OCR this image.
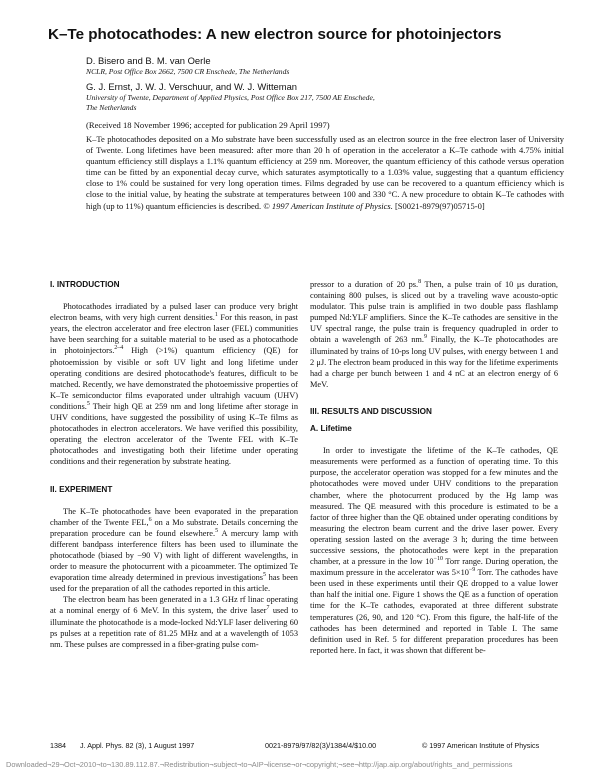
K–Te photocathodes: A new electron source for photoinjectors
D. Bisero and B. M. van Oerle
NCLR, Post Office Box 2662, 7500 CR Enschede, The Netherlands
G. J. Ernst, J. W. J. Verschuur, and W. J. Witteman
University of Twente, Department of Applied Physics, Post Office Box 217, 7500 AE Enschede,
The Netherlands
(Received 18 November 1996; accepted for publication 29 April 1997)
K–Te photocathodes deposited on a Mo substrate have been successfully used as an electron source in the free electron laser of University of Twente. Long lifetimes have been measured: after more than 20 h of operation in the accelerator a K–Te cathode with 4.75% initial quantum efficiency still displays a 1.1% quantum efficiency at 259 nm. Moreover, the quantum efficiency of this cathode versus operation time can be fitted by an exponential decay curve, which saturates asymptotically to a 1.03% value, suggesting that a quantum efficiency close to 1% could be sustained for very long operation times. Films degraded by use can be recovered to a quantum efficiency which is close to the initial value, by heating the substrate at temperatures between 100 and 330 °C. A new procedure to obtain K–Te cathodes with high (up to 11%) quantum efficiencies is described. © 1997 American Institute of Physics. [S0021-8979(97)05715-0]
I. INTRODUCTION

Photocathodes irradiated by a pulsed laser can produce very bright electron beams, with very high current densities.$^1$ For this reason, in past years, the electron accelerator and free electron laser (FEL) communities have been searching for a suitable material to be used as a photocathode in photoinjectors.$^{2-4}$ High (>1%) quantum efficiency (QE) for photoemission by visible or soft UV light and long lifetime under operating conditions are desired photocathode's features, difficult to be matched. Recently, we have demonstrated the photoemissive properties of K–Te semiconductor films evaporated under ultrahigh vacuum (UHV) conditions.$^5$ Their high QE at 259 nm and long lifetime after storage in UHV conditions, have suggested the possibility of using K–Te films as photocathodes in electron accelerators. We have verified this possibility, operating the electron accelerator of the Twente FEL with K–Te photocathodes and investigating both their lifetime under operating conditions and their regeneration by substrate heating.

II. EXPERIMENT

The K–Te photocathodes have been evaporated in the preparation chamber of the Twente FEL,$^6$ on a Mo substrate. Details concerning the preparation procedure can be found elsewhere.$^5$ A mercury lamp with different bandpass interference filters has been used to illuminate the photocathode (biased by −90 V) with light of different wavelengths, in order to measure the photocurrent with a picoammeter. The optimized Te evaporation time already determined in previous investigations$^5$ has been used for the preparation of all the cathodes reported in this article.

The electron beam has been generated in a 1.3 GHz rf linac operating at a nominal energy of 6 MeV. In this system, the drive laser$^7$ used to illuminate the photocathode is a mode-locked Nd:YLF laser delivering 60 ps pulses at a repetition rate of 81.25 MHz and at a wavelength of 1053 nm. These pulses are compressed in a fiber-grating pulse com-

pressor to a duration of 20 ps.$^8$ Then, a pulse train of 10 μs duration, containing 800 pulses, is sliced out by a traveling wave acousto-optic modulator. This pulse train is amplified in two double pass flashlamp pumped Nd:YLF amplifiers. Since the K–Te cathodes are sensitive in the UV spectral range, the pulse train is frequency quadrupled in order to obtain a wavelength of 263 nm.$^9$ Finally, the K–Te photocathodes are illuminated by trains of 10-ps long UV pulses, with energy between 1 and 2 μJ. The electron beam produced in this way for the lifetime experiments had a charge per bunch between 1 and 4 nC at an electron energy of 6 MeV.

III. RESULTS AND DISCUSSION
A. Lifetime

In order to investigate the lifetime of the K–Te cathodes, QE measurements were performed as a function of operating time. To this purpose, the accelerator operation was stopped for a few minutes and the photocathodes were moved under UHV conditions to the preparation chamber, where the photocurrent produced by the Hg lamp was measured. The QE measured with this procedure is estimated to be a factor of three higher than the QE obtained under operating conditions by measuring the electron beam current and the drive laser power. Every operating session lasted on the average 3 h; during the time between successive sessions, the photocathodes were kept in the preparation chamber, at a pressure in the low $10^{-10}$ Torr range. During operation, the maximum pressure in the accelerator was $5\times 10^{-9}$ Torr. The cathodes have been used in these experiments until their QE dropped to a value lower than half the initial one. Figure 1 shows the QE as a function of operation time for the K–Te cathodes, evaporated at three different substrate temperatures (26, 90, and 120 °C). From this figure, the half-life of the cathodes has been determined and reported in Table I. The same definition used in Ref. 5 for different preparation procedures has been reported here. In fact, it was shown that different be-

1384 J. Appl. Phys. 82 (3), 1 August 1997	0021-8979/97/82(3)/1384/4/$10.00	© 1997 American Institute of Physics
Downloaded¬29¬Oct¬2010¬to¬130.89.112.87.¬Redistribution¬subject¬to¬AIP¬license¬or¬copyright;¬see¬http://jap.aip.org/about/rights_and_permissions
